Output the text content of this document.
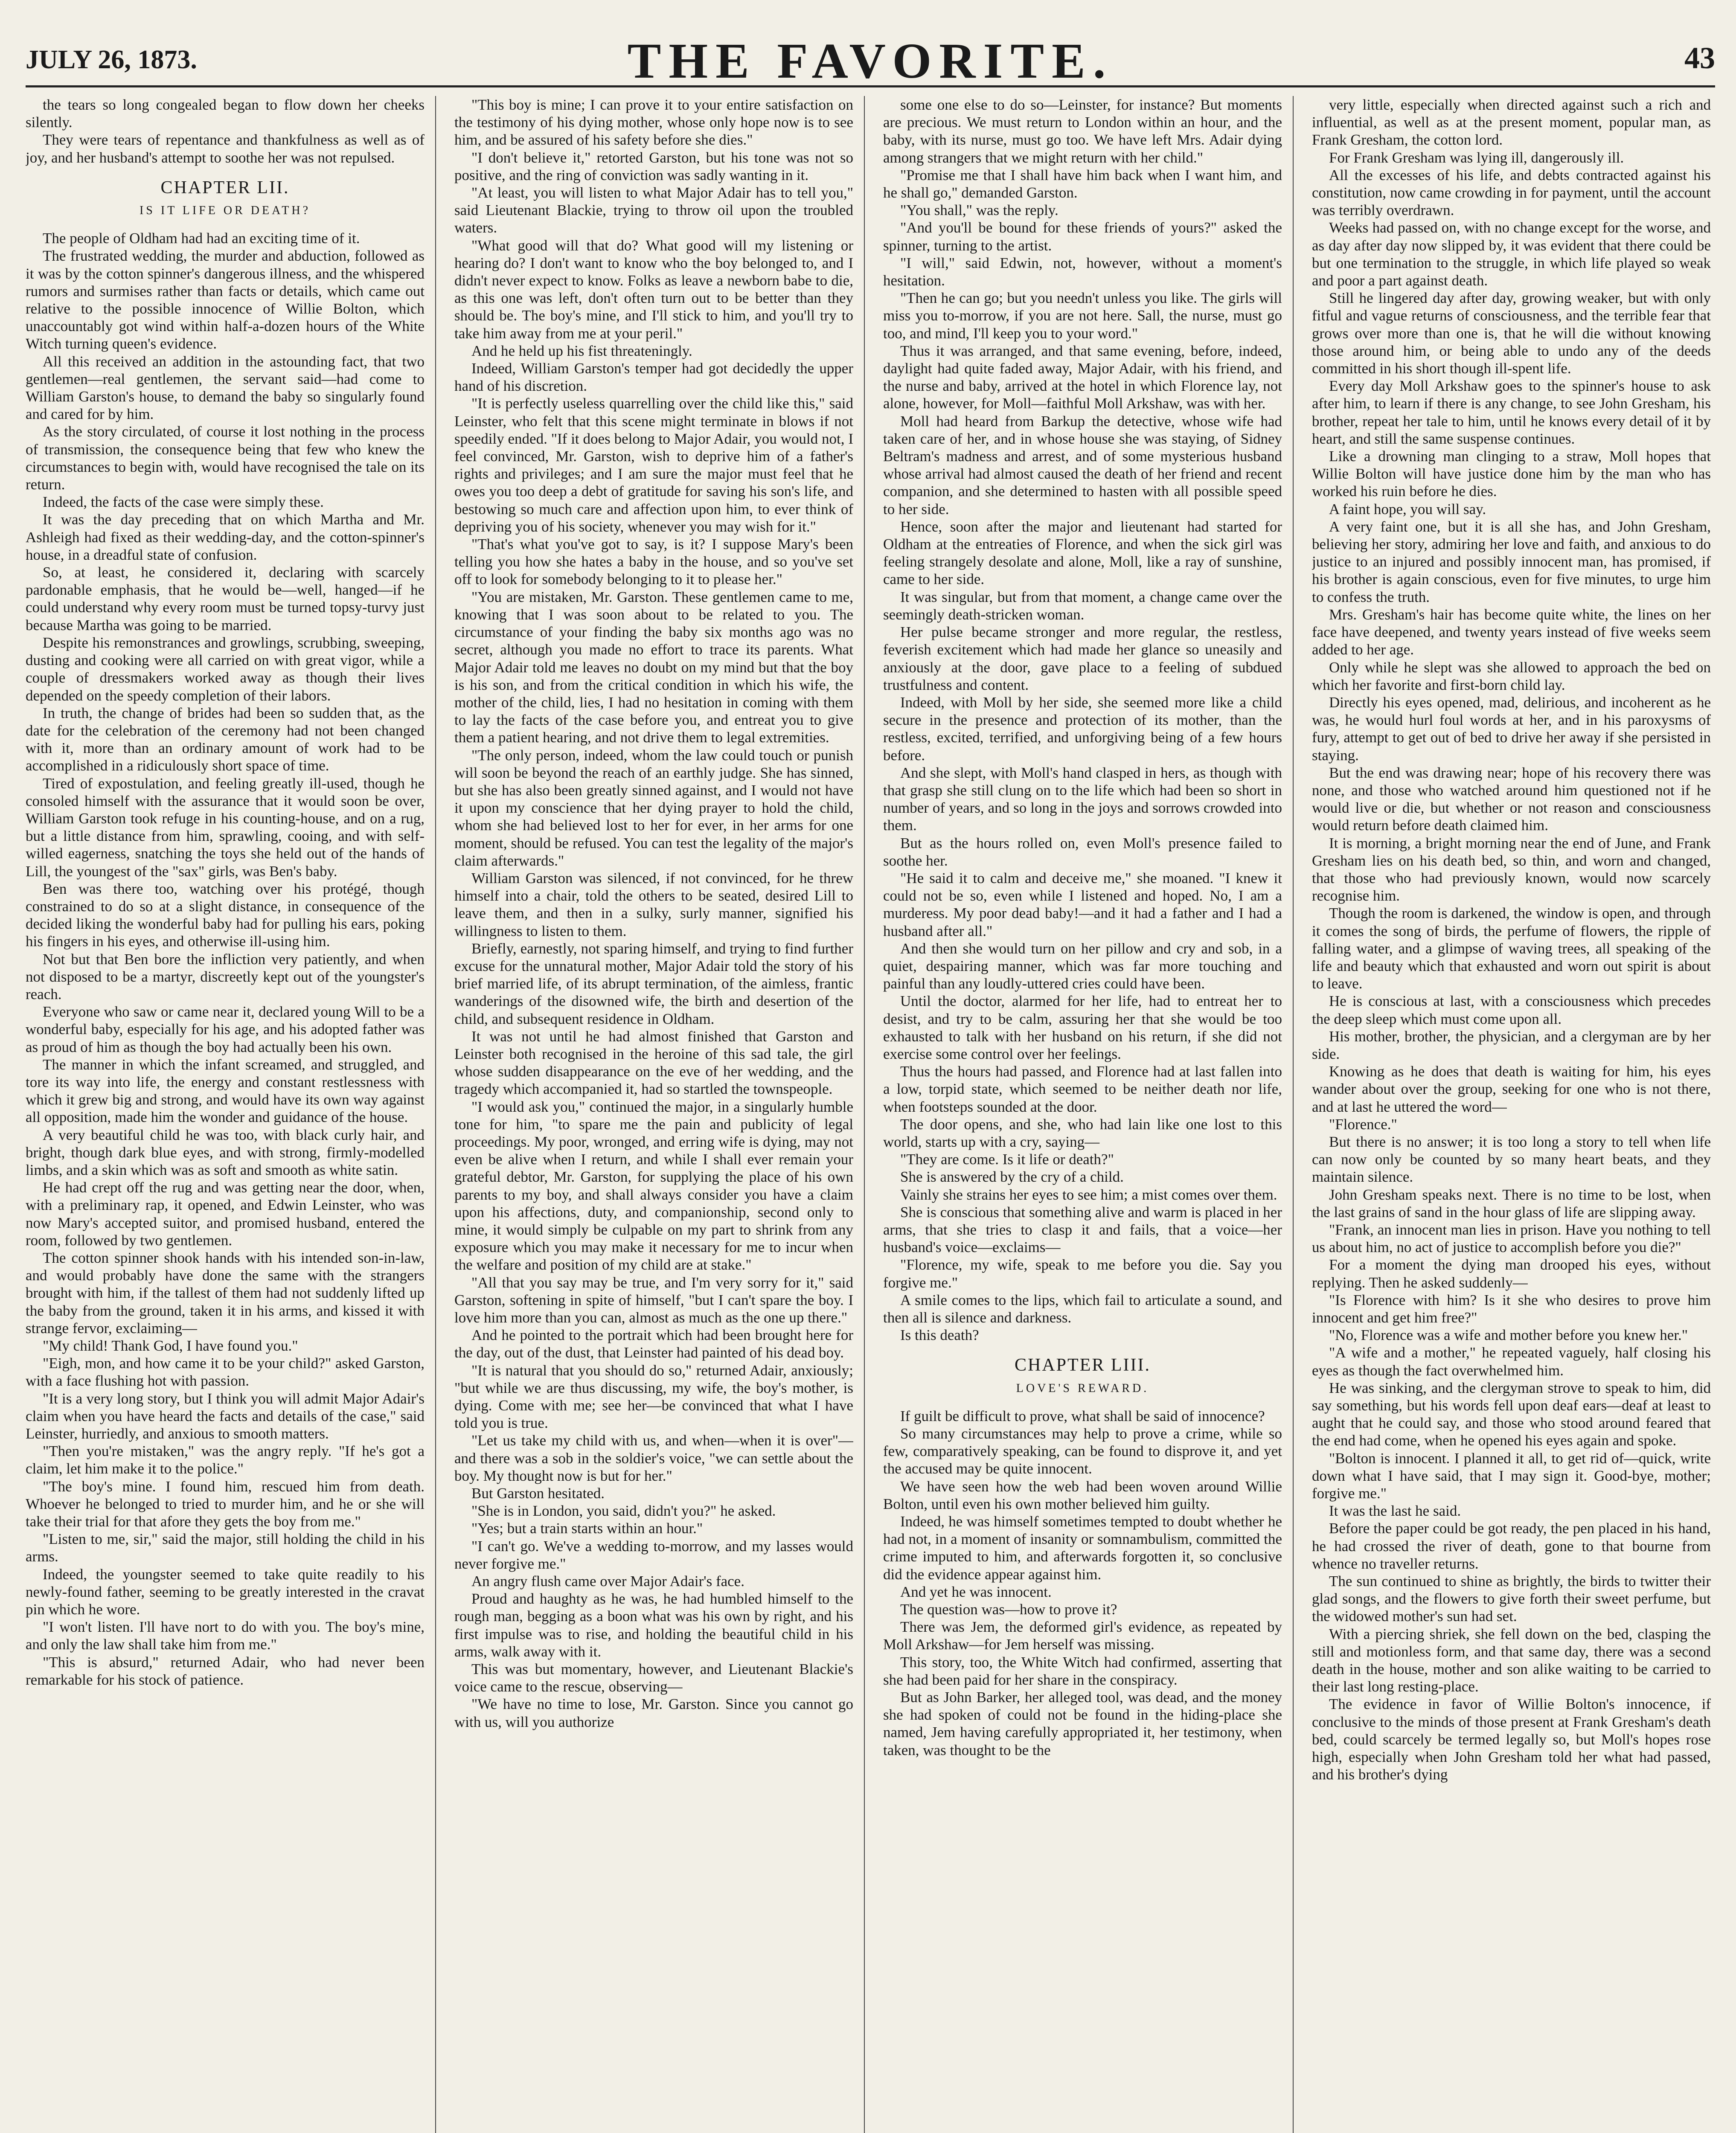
JULY 26, 1873.	THE FAVORITE.	43

the tears so long congealed began to flow down her cheeks silently.

They were tears of repentance and thankfulness as well as of joy, and her husband's attempt to soothe her was not repulsed.

CHAPTER LII.

IS IT LIFE OR DEATH?

The people of Oldham had had an exciting time of it.

The frustrated wedding, the murder and abduction, followed as it was by the cotton spinner's dangerous illness, and the whispered rumors and surmises rather than facts or details, which came out relative to the possible innocence of Willie Bolton, which unaccountably got wind within half-a-dozen hours of the White Witch turning queen's evidence.

All this received an addition in the astounding fact, that two gentlemen—real gentlemen, the servant said—had come to William Garston's house, to demand the baby so singularly found and cared for by him.

As the story circulated, of course it lost nothing in the process of transmission, the consequence being that few who knew the circumstances to begin with, would have recognised the tale on its return.

Indeed, the facts of the case were simply these.

It was the day preceding that on which Martha and Mr. Ashleigh had fixed as their wedding-day, and the cotton-spinner's house, in a dreadful state of confusion.

So, at least, he considered it, declaring with scarcely pardonable emphasis, that he would be—well, hanged—if he could understand why every room must be turned topsy-turvy just because Martha was going to be married.

Despite his remonstrances and growlings, scrubbing, sweeping, dusting and cooking were all carried on with great vigor, while a couple of dressmakers worked away as though their lives depended on the speedy completion of their labors.

In truth, the change of brides had been so sudden that, as the date for the celebration of the ceremony had not been changed with it, more than an ordinary amount of work had to be accomplished in a ridiculously short space of time.

Tired of expostulation, and feeling greatly ill-used, though he consoled himself with the assurance that it would soon be over, William Garston took refuge in his counting-house, and on a rug, but a little distance from him, sprawling, cooing, and with self-willed eagerness, snatching the toys she held out of the hands of Lill, the youngest of the "sax" girls, was Ben's baby.

Ben was there too, watching over his protégé, though constrained to do so at a slight distance, in consequence of the decided liking the wonderful baby had for pulling his ears, poking his fingers in his eyes, and otherwise ill-using him.

Not but that Ben bore the infliction very patiently, and when not disposed to be a martyr, discreetly kept out of the youngster's reach.

Everyone who saw or came near it, declared young Will to be a wonderful baby, especially for his age, and his adopted father was as proud of him as though the boy had actually been his own.

The manner in which the infant screamed, and struggled, and tore its way into life, the energy and constant restlessness with which it grew big and strong, and would have its own way against all opposition, made him the wonder and guidance of the house.

A very beautiful child he was too, with black curly hair, and bright, though dark blue eyes, and with strong, firmly-modelled limbs, and a skin which was as soft and smooth as white satin.

He had crept off the rug and was getting near the door, when, with a preliminary rap, it opened, and Edwin Leinster, who was now Mary's accepted suitor, and promised husband, entered the room, followed by two gentlemen.

The cotton spinner shook hands with his intended son-in-law, and would probably have done the same with the strangers brought with him, if the tallest of them had not suddenly lifted up the baby from the ground, taken it in his arms, and kissed it with strange fervor, exclaiming—

"My child! Thank God, I have found you."

"Eigh, mon, and how came it to be your child?" asked Garston, with a face flushing hot with passion.

"It is a very long story, but I think you will admit Major Adair's claim when you have heard the facts and details of the case," said Leinster, hurriedly, and anxious to smooth matters.

"Then you're mistaken," was the angry reply. "If he's got a claim, let him make it to the police."

"The boy's mine. I found him, rescued him from death. Whoever he belonged to tried to murder him, and he or she will take their trial for that afore they gets the boy from me."

"Listen to me, sir," said the major, still holding the child in his arms.

Indeed, the youngster seemed to take quite readily to his newly-found father, seeming to be greatly interested in the cravat pin which he wore.

"I won't listen. I'll have nort to do with you. The boy's mine, and only the law shall take him from me."

"This is absurd," returned Adair, who had never been remarkable for his stock of patience.

"This boy is mine; I can prove it to your entire satisfaction on the testimony of his dying mother, whose only hope now is to see him, and be assured of his safety before she dies."

"I don't believe it," retorted Garston, but his tone was not so positive, and the ring of conviction was sadly wanting in it.

"At least, you will listen to what Major Adair has to tell you," said Lieutenant Blackie, trying to throw oil upon the troubled waters.

"What good will that do? What good will my listening or hearing do? I don't want to know who the boy belonged to, and I didn't never expect to know. Folks as leave a newborn babe to die, as this one was left, don't often turn out to be better than they should be. The boy's mine, and I'll stick to him, and you'll try to take him away from me at your peril."

And he held up his fist threateningly.

Indeed, William Garston's temper had got decidedly the upper hand of his discretion.

"It is perfectly useless quarrelling over the child like this," said Leinster, who felt that this scene might terminate in blows if not speedily ended. "If it does belong to Major Adair, you would not, I feel convinced, Mr. Garston, wish to deprive him of a father's rights and privileges; and I am sure the major must feel that he owes you too deep a debt of gratitude for saving his son's life, and bestowing so much care and affection upon him, to ever think of depriving you of his society, whenever you may wish for it."

"That's what you've got to say, is it? I suppose Mary's been telling you how she hates a baby in the house, and so you've set off to look for somebody belonging to it to please her."

"You are mistaken, Mr. Garston. These gentlemen came to me, knowing that I was soon about to be related to you. The circumstance of your finding the baby six months ago was no secret, although you made no effort to trace its parents. What Major Adair told me leaves no doubt on my mind but that the boy is his son, and from the critical condition in which his wife, the mother of the child, lies, I had no hesitation in coming with them to lay the facts of the case before you, and entreat you to give them a patient hearing, and not drive them to legal extremities.

"The only person, indeed, whom the law could touch or punish will soon be beyond the reach of an earthly judge. She has sinned, but she has also been greatly sinned against, and I would not have it upon my conscience that her dying prayer to hold the child, whom she had believed lost to her for ever, in her arms for one moment, should be refused. You can test the legality of the major's claim afterwards."

William Garston was silenced, if not convinced, for he threw himself into a chair, told the others to be seated, desired Lill to leave them, and then in a sulky, surly manner, signified his willingness to listen to them.

Briefly, earnestly, not sparing himself, and trying to find further excuse for the unnatural mother, Major Adair told the story of his brief married life, of its abrupt termination, of the aimless, frantic wanderings of the disowned wife, the birth and desertion of the child, and subsequent residence in Oldham.

It was not until he had almost finished that Garston and Leinster both recognised in the heroine of this sad tale, the girl whose sudden disappearance on the eve of her wedding, and the tragedy which accompanied it, had so startled the townspeople.

"I would ask you," continued the major, in a singularly humble tone for him, "to spare me the pain and publicity of legal proceedings. My poor, wronged, and erring wife is dying, may not even be alive when I return, and while I shall ever remain your grateful debtor, Mr. Garston, for supplying the place of his own parents to my boy, and shall always consider you have a claim upon his affections, duty, and companionship, second only to mine, it would simply be culpable on my part to shrink from any exposure which you may make it necessary for me to incur when the welfare and position of my child are at stake."

"All that you say may be true, and I'm very sorry for it," said Garston, softening in spite of himself, "but I can't spare the boy. I love him more than you can, almost as much as the one up there."

And he pointed to the portrait which had been brought here for the day, out of the dust, that Leinster had painted of his dead boy.

"It is natural that you should do so," returned Adair, anxiously; "but while we are thus discussing, my wife, the boy's mother, is dying. Come with me; see her—be convinced that what I have told you is true.

"Let us take my child with us, and when—when it is over"—and there was a sob in the soldier's voice, "we can settle about the boy. My thought now is but for her."

But Garston hesitated.

"She is in London, you said, didn't you?" he asked.

"Yes; but a train starts within an hour."

"I can't go. We've a wedding to-morrow, and my lasses would never forgive me."

An angry flush came over Major Adair's face.

Proud and haughty as he was, he had humbled himself to the rough man, begging as a boon what was his own by right, and his first impulse was to rise, and holding the beautiful child in his arms, walk away with it.

This was but momentary, however, and Lieutenant Blackie's voice came to the rescue, observing—

"We have no time to lose, Mr. Garston. Since you cannot go with us, will you authorize

some one else to do so—Leinster, for instance? But moments are precious. We must return to London within an hour, and the baby, with its nurse, must go too. We have left Mrs. Adair dying among strangers that we might return with her child."

"Promise me that I shall have him back when I want him, and he shall go," demanded Garston.

"You shall," was the reply.

"And you'll be bound for these friends of yours?" asked the spinner, turning to the artist.

"I will," said Edwin, not, however, without a moment's hesitation.

"Then he can go; but you needn't unless you like. The girls will miss you to-morrow, if you are not here. Sall, the nurse, must go too, and mind, I'll keep you to your word."

Thus it was arranged, and that same evening, before, indeed, daylight had quite faded away, Major Adair, with his friend, and the nurse and baby, arrived at the hotel in which Florence lay, not alone, however, for Moll—faithful Moll Arkshaw, was with her.

Moll had heard from Barkup the detective, whose wife had taken care of her, and in whose house she was staying, of Sidney Beltram's madness and arrest, and of some mysterious husband whose arrival had almost caused the death of her friend and recent companion, and she determined to hasten with all possible speed to her side.

Hence, soon after the major and lieutenant had started for Oldham at the entreaties of Florence, and when the sick girl was feeling strangely desolate and alone, Moll, like a ray of sunshine, came to her side.

It was singular, but from that moment, a change came over the seemingly death-stricken woman.

Her pulse became stronger and more regular, the restless, feverish excitement which had made her glance so uneasily and anxiously at the door, gave place to a feeling of subdued trustfulness and content.

Indeed, with Moll by her side, she seemed more like a child secure in the presence and protection of its mother, than the restless, excited, terrified, and unforgiving being of a few hours before.

And she slept, with Moll's hand clasped in hers, as though with that grasp she still clung on to the life which had been so short in number of years, and so long in the joys and sorrows crowded into them.

But as the hours rolled on, even Moll's presence failed to soothe her.

"He said it to calm and deceive me," she moaned. "I knew it could not be so, even while I listened and hoped. No, I am a murderess. My poor dead baby!—and it had a father and I had a husband after all."

And then she would turn on her pillow and cry and sob, in a quiet, despairing manner, which was far more touching and painful than any loudly-uttered cries could have been.

Until the doctor, alarmed for her life, had to entreat her to desist, and try to be calm, assuring her that she would be too exhausted to talk with her husband on his return, if she did not exercise some control over her feelings.

Thus the hours had passed, and Florence had at last fallen into a low, torpid state, which seemed to be neither death nor life, when footsteps sounded at the door.

The door opens, and she, who had lain like one lost to this world, starts up with a cry, saying—

"They are come. Is it life or death?"

She is answered by the cry of a child.

Vainly she strains her eyes to see him; a mist comes over them.

She is conscious that something alive and warm is placed in her arms, that she tries to clasp it and fails, that a voice—her husband's voice—exclaims—

"Florence, my wife, speak to me before you die. Say you forgive me."

A smile comes to the lips, which fail to articulate a sound, and then all is silence and darkness.

Is this death?

CHAPTER LIII.

LOVE'S REWARD.

If guilt be difficult to prove, what shall be said of innocence?

So many circumstances may help to prove a crime, while so few, comparatively speaking, can be found to disprove it, and yet the accused may be quite innocent.

We have seen how the web had been woven around Willie Bolton, until even his own mother believed him guilty.

Indeed, he was himself sometimes tempted to doubt whether he had not, in a moment of insanity or somnambulism, committed the crime imputed to him, and afterwards forgotten it, so conclusive did the evidence appear against him.

And yet he was innocent.

The question was—how to prove it?

There was Jem, the deformed girl's evidence, as repeated by Moll Arkshaw—for Jem herself was missing.

This story, too, the White Witch had confirmed, asserting that she had been paid for her share in the conspiracy.

But as John Barker, her alleged tool, was dead, and the money she had spoken of could not be found in the hiding-place she named, Jem having carefully appropriated it, her testimony, when taken, was thought to be the

very little, especially when directed against such a rich and influential, as well as at the present moment, popular man, as Frank Gresham, the cotton lord.

For Frank Gresham was lying ill, dangerously ill.

All the excesses of his life, and debts contracted against his constitution, now came crowding in for payment, until the account was terribly overdrawn.

Weeks had passed on, with no change except for the worse, and as day after day now slipped by, it was evident that there could be but one termination to the struggle, in which life played so weak and poor a part against death.

Still he lingered day after day, growing weaker, but with only fitful and vague returns of consciousness, and the terrible fear that grows over more than one is, that he will die without knowing those around him, or being able to undo any of the deeds committed in his short though ill-spent life.

Every day Moll Arkshaw goes to the spinner's house to ask after him, to learn if there is any change, to see John Gresham, his brother, repeat her tale to him, until he knows every detail of it by heart, and still the same suspense continues.

Like a drowning man clinging to a straw, Moll hopes that Willie Bolton will have justice done him by the man who has worked his ruin before he dies.

A faint hope, you will say.

A very faint one, but it is all she has, and John Gresham, believing her story, admiring her love and faith, and anxious to do justice to an injured and possibly innocent man, has promised, if his brother is again conscious, even for five minutes, to urge him to confess the truth.

Mrs. Gresham's hair has become quite white, the lines on her face have deepened, and twenty years instead of five weeks seem added to her age.

Only while he slept was she allowed to approach the bed on which her favorite and first-born child lay.

Directly his eyes opened, mad, delirious, and incoherent as he was, he would hurl foul words at her, and in his paroxysms of fury, attempt to get out of bed to drive her away if she persisted in staying.

But the end was drawing near; hope of his recovery there was none, and those who watched around him questioned not if he would live or die, but whether or not reason and consciousness would return before death claimed him.

It is morning, a bright morning near the end of June, and Frank Gresham lies on his death bed, so thin, and worn and changed, that those who had previously known, would now scarcely recognise him.

Though the room is darkened, the window is open, and through it comes the song of birds, the perfume of flowers, the ripple of falling water, and a glimpse of waving trees, all speaking of the life and beauty which that exhausted and worn out spirit is about to leave.

He is conscious at last, with a consciousness which precedes the deep sleep which must come upon all.

His mother, brother, the physician, and a clergyman are by her side.

Knowing as he does that death is waiting for him, his eyes wander about over the group, seeking for one who is not there, and at last he uttered the word—

"Florence."

But there is no answer; it is too long a story to tell when life can now only be counted by so many heart beats, and they maintain silence.

John Gresham speaks next. There is no time to be lost, when the last grains of sand in the hour glass of life are slipping away.

"Frank, an innocent man lies in prison. Have you nothing to tell us about him, no act of justice to accomplish before you die?"

For a moment the dying man drooped his eyes, without replying. Then he asked suddenly—

"Is Florence with him? Is it she who desires to prove him innocent and get him free?"

"No, Florence was a wife and mother before you knew her."

"A wife and a mother," he repeated vaguely, half closing his eyes as though the fact overwhelmed him.

He was sinking, and the clergyman strove to speak to him, did say something, but his words fell upon deaf ears—deaf at least to aught that he could say, and those who stood around feared that the end had come, when he opened his eyes again and spoke.

"Bolton is innocent. I planned it all, to get rid of—quick, write down what I have said, that I may sign it. Good-bye, mother; forgive me."

It was the last he said.

Before the paper could be got ready, the pen placed in his hand, he had crossed the river of death, gone to that bourne from whence no traveller returns.

The sun continued to shine as brightly, the birds to twitter their glad songs, and the flowers to give forth their sweet perfume, but the widowed mother's sun had set.

With a piercing shriek, she fell down on the bed, clasping the still and motionless form, and that same day, there was a second death in the house, mother and son alike waiting to be carried to their last long resting-place.

The evidence in favor of Willie Bolton's innocence, if conclusive to the minds of those present at Frank Gresham's death bed, could scarcely be termed legally so, but Moll's hopes rose high, especially when John Gresham told her what had passed, and his brother's dying
